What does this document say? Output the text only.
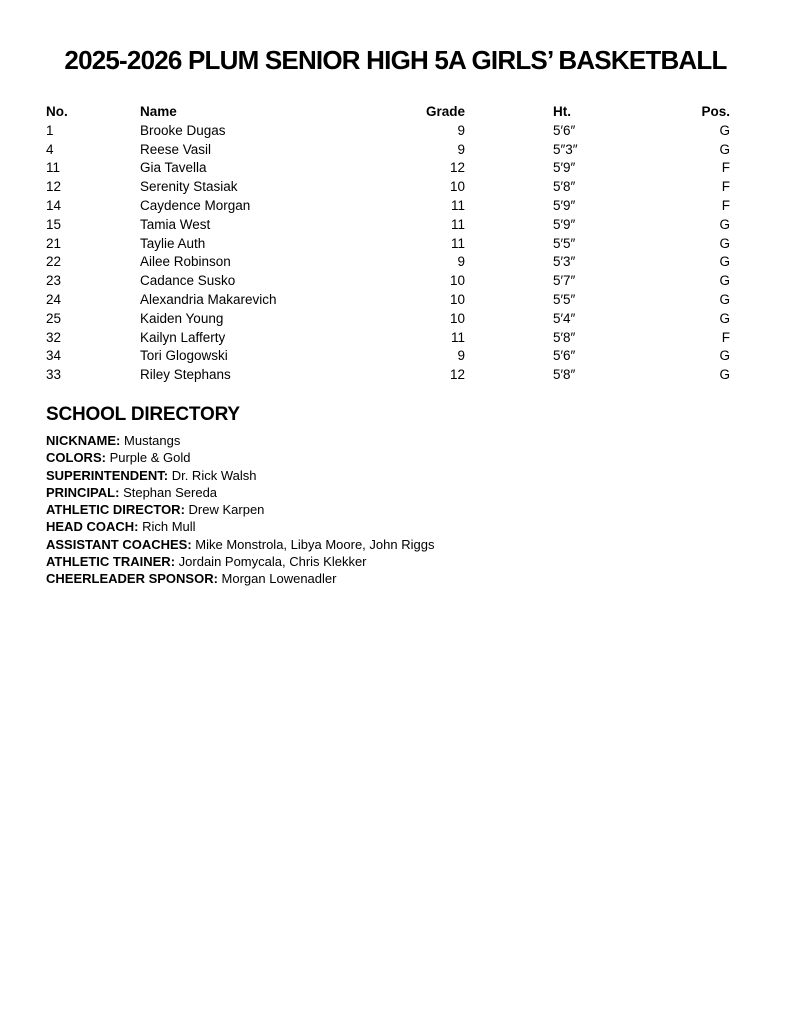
2025-2026 PLUM SENIOR HIGH 5A GIRLS’ BASKETBALL
No.	Name	Grade	Ht.	Pos.
1	Brooke Dugas	9	5′6″	G
4	Reese Vasil	9	5″3″	G
11	Gia Tavella	12	5′9″	F
12	Serenity Stasiak	10	5′8″	F
14	Caydence Morgan	11	5′9″	F
15	Tamia West	11	5′9″	G
21	Taylie Auth	11	5′5″	G
22	Ailee Robinson	9	5′3″	G
23	Cadance Susko	10	5′7″	G
24	Alexandria Makarevich	10	5′5″	G
25	Kaiden Young	10	5′4″	G
32	Kailyn Lafferty	11	5′8″	F
34	Tori Glogowski	9	5′6″	G
33	Riley Stephans	12	5′8″	G
SCHOOL DIRECTORY

NICKNAME: Mustangs

COLORS: Purple & Gold

SUPERINTENDENT: Dr. Rick Walsh

PRINCIPAL: Stephan Sereda

ATHLETIC DIRECTOR: Drew Karpen

HEAD COACH: Rich Mull

ASSISTANT COACHES: Mike Monstrola, Libya Moore, John Riggs

ATHLETIC TRAINER: Jordain Pomycala, Chris Klekker

CHEERLEADER SPONSOR: Morgan Lowenadler
